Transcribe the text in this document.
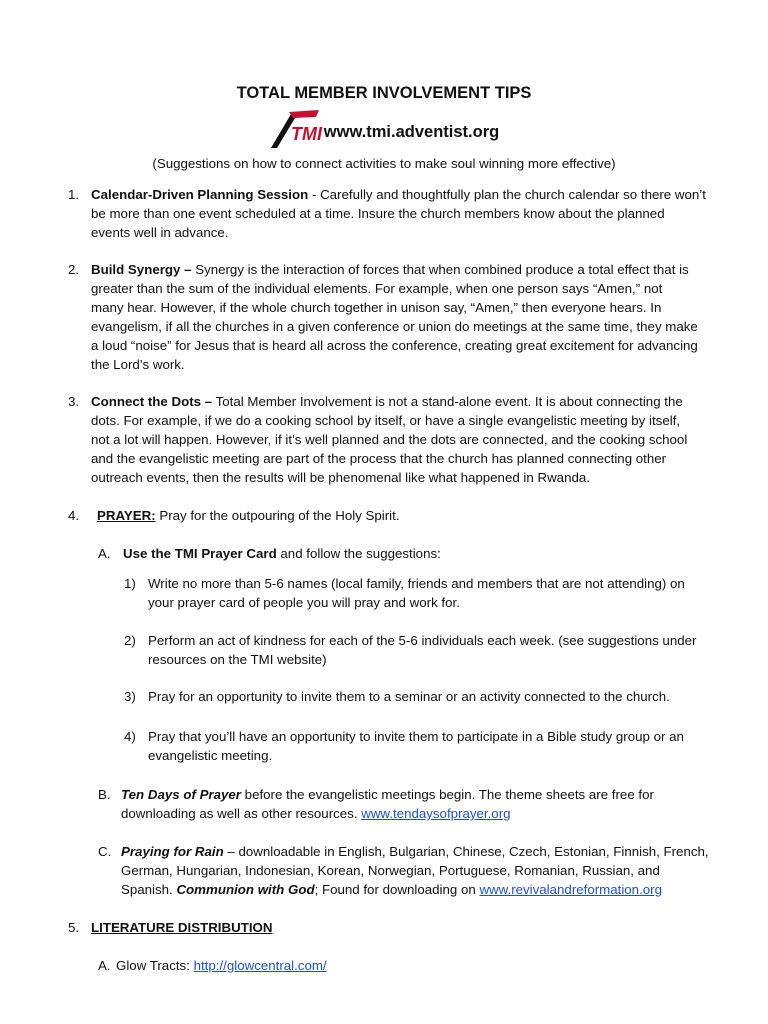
TOTAL MEMBER INVOLVEMENT TIPS
TMI www.tmi.adventist.org
(Suggestions on how to connect activities to make soul winning more effective)
1. Calendar-Driven Planning Session - Carefully and thoughtfully plan the church calendar so there won’t
be more than one event scheduled at a time. Insure the church members know about the planned
events well in advance.
2. Build Synergy – Synergy is the interaction of forces that when combined produce a total effect that is
greater than the sum of the individual elements. For example, when one person says “Amen,” not
many hear. However, if the whole church together in unison say, “Amen,” then everyone hears. In
evangelism, if all the churches in a given conference or union do meetings at the same time, they make
a loud “noise” for Jesus that is heard all across the conference, creating great excitement for advancing
the Lord’s work.
3. Connect the Dots – Total Member Involvement is not a stand-alone event. It is about connecting the
dots. For example, if we do a cooking school by itself, or have a single evangelistic meeting by itself,
not a lot will happen. However, if it’s well planned and the dots are connected, and the cooking school
and the evangelistic meeting are part of the process that the church has planned connecting other
outreach events, then the results will be phenomenal like what happened in Rwanda.
4. PRAYER: Pray for the outpouring of the Holy Spirit.
A. Use the TMI Prayer Card and follow the suggestions:
1) Write no more than 5-6 names (local family, friends and members that are not attending) on
your prayer card of people you will pray and work for.
2) Perform an act of kindness for each of the 5-6 individuals each week. (see suggestions under
resources on the TMI website)
3) Pray for an opportunity to invite them to a seminar or an activity connected to the church.
4) Pray that you’ll have an opportunity to invite them to participate in a Bible study group or an
evangelistic meeting.
B. Ten Days of Prayer before the evangelistic meetings begin. The theme sheets are free for
downloading as well as other resources. www.tendaysofprayer.org
C. Praying for Rain – downloadable in English, Bulgarian, Chinese, Czech, Estonian, Finnish, French,
German, Hungarian, Indonesian, Korean, Norwegian, Portuguese, Romanian, Russian, and
Spanish. Communion with God; Found for downloading on www.revivalandreformation.org
5. LITERATURE DISTRIBUTION
A. Glow Tracts: http://glowcentral.com/
